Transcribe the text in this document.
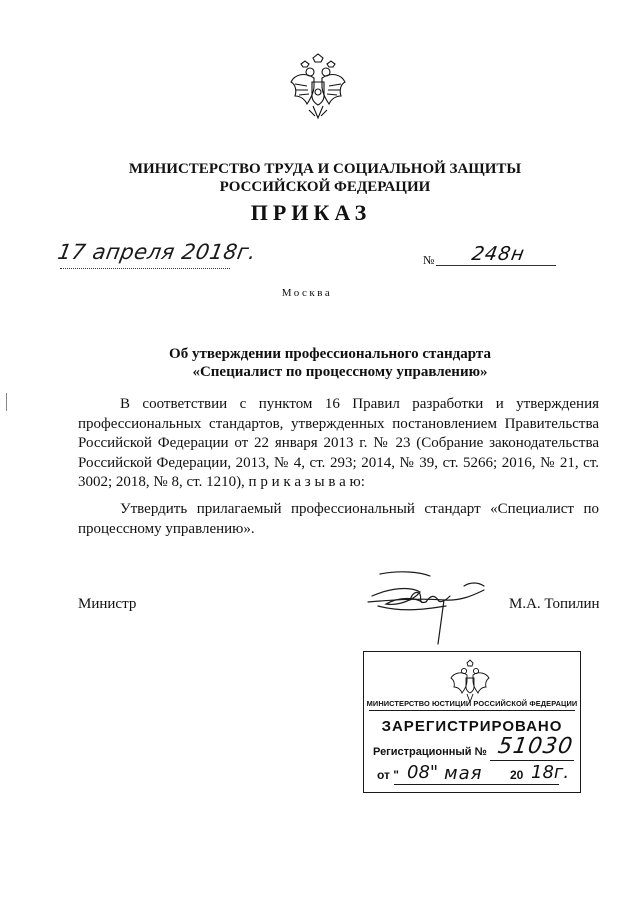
МИНИСТЕРСТВО ТРУДА И СОЦИАЛЬНОЙ ЗАЩИТЫ
РОССИЙСКОЙ ФЕДЕРАЦИИ
ПРИКАЗ
17 апреля 2018г.	№ 248н
Москва
Об утверждении профессионального стандарта
«Специалист по процессному управлению»
В соответствии с пунктом 16 Правил разработки и утверждения профессиональных стандартов, утвержденных постановлением Правительства Российской Федерации от 22 января 2013 г. № 23 (Собрание законодательства Российской Федерации, 2013, № 4, ст. 293; 2014, № 39, ст. 5266; 2016, № 21, ст. 3002; 2018, № 8, ст. 1210), п р и к а з ы в а ю:
Утвердить прилагаемый профессиональный стандарт «Специалист по процессному управлению».
Министр	М.А. Топилин
МИНИСТЕРСТВО ЮСТИЦИИ РОССИЙСКОЙ ФЕДЕРАЦИИ
ЗАРЕГИСТРИРОВАНО
Регистрационный № 51030
от " 08" мая 20 18г.
